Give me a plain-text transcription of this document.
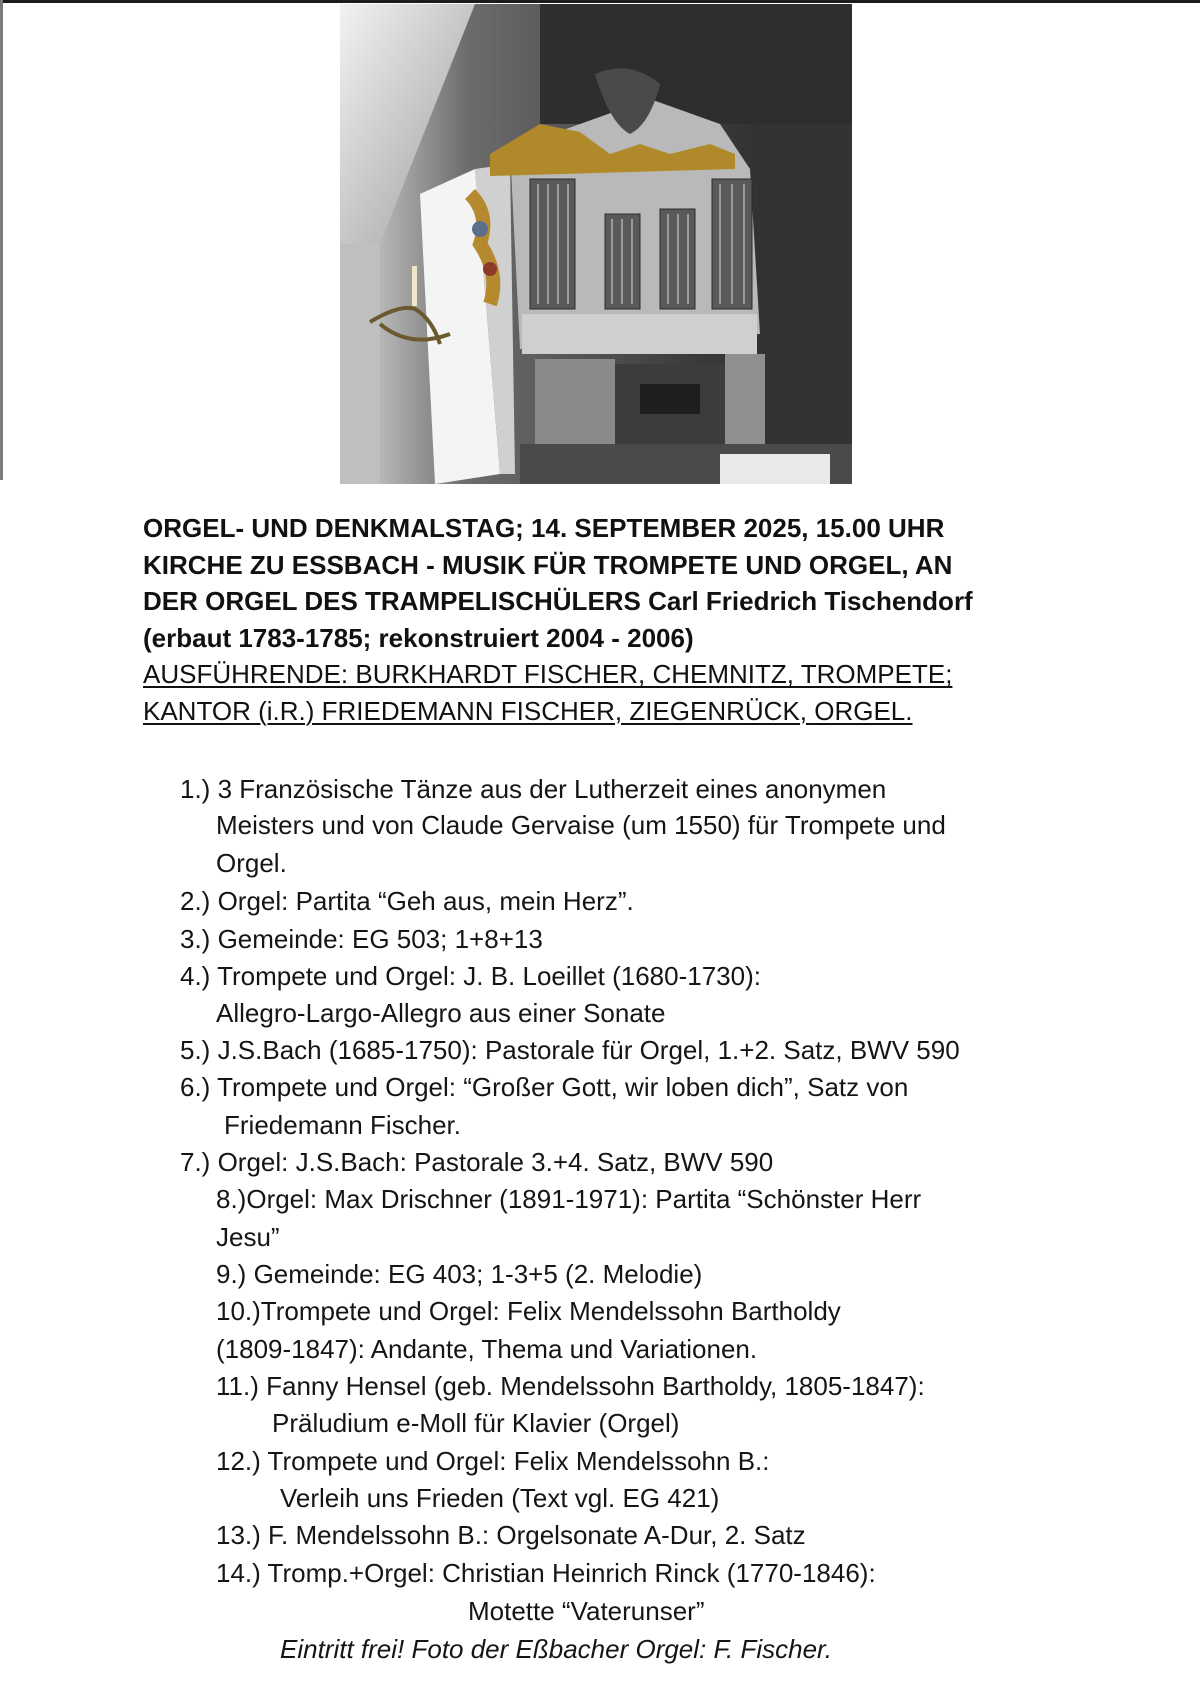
ORGEL- UND DENKMALSTAG; 14. SEPTEMBER 2025, 15.00 UHR
KIRCHE ZU ESSBACH - MUSIK FÜR TROMPETE UND ORGEL, AN
DER ORGEL DES TRAMPELISCHÜLERS Carl Friedrich Tischendorf
(erbaut 1783-1785; rekonstruiert 2004 - 2006)
AUSFÜHRENDE: BURKHARDT FISCHER, CHEMNITZ, TROMPETE;
KANTOR (i.R.) FRIEDEMANN FISCHER, ZIEGENRÜCK, ORGEL.
1.) 3 Französische Tänze aus der Lutherzeit eines anonymen
Meisters und von Claude Gervaise (um 1550) für Trompete und
Orgel.
2.) Orgel: Partita “Geh aus, mein Herz”.
3.) Gemeinde: EG 503; 1+8+13
4.) Trompete und Orgel: J. B. Loeillet (1680-1730):
Allegro-Largo-Allegro aus einer Sonate
5.) J.S.Bach (1685-1750): Pastorale für Orgel, 1.+2. Satz, BWV 590
6.) Trompete und Orgel: “Großer Gott, wir loben dich”, Satz von
Friedemann Fischer.
7.) Orgel: J.S.Bach: Pastorale 3.+4. Satz, BWV 590
8.)Orgel: Max Drischner (1891-1971): Partita “Schönster Herr
Jesu”
9.) Gemeinde: EG 403; 1-3+5 (2. Melodie)
10.)Trompete und Orgel: Felix Mendelssohn Bartholdy
(1809-1847): Andante, Thema und Variationen.
11.) Fanny Hensel (geb. Mendelssohn Bartholdy, 1805-1847):
Präludium e-Moll für Klavier (Orgel)
12.) Trompete und Orgel: Felix Mendelssohn B.:
Verleih uns Frieden (Text vgl. EG 421)
13.) F. Mendelssohn B.: Orgelsonate A-Dur, 2. Satz
14.) Tromp.+Orgel: Christian Heinrich Rinck (1770-1846):
Motette “Vaterunser”
Eintritt frei! Foto der Eßbacher Orgel: F. Fischer.
